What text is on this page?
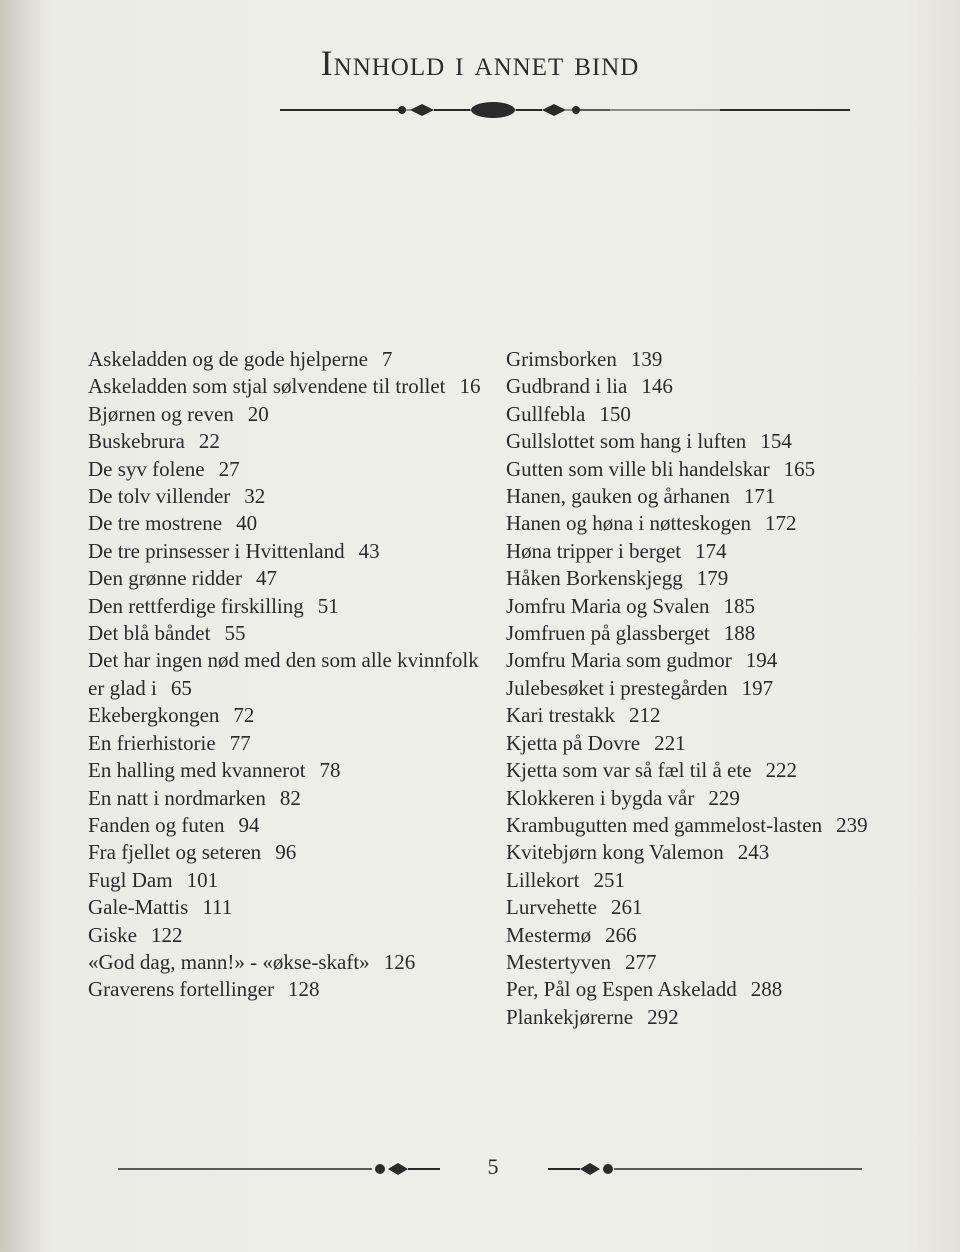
Innhold i annet bind
Askeladden og de gode hjelperne 7
Askeladden som stjal sølvendene til trollet 16
Bjørnen og reven 20
Buskebrura 22
De syv folene 27
De tolv villender 32
De tre mostrene 40
De tre prinsesser i Hvittenland 43
Den grønne ridder 47
Den rettferdige firskilling 51
Det blå båndet 55
Det har ingen nød med den som alle kvinnfolk er glad i 65
Ekebergkongen 72
En frierhistorie 77
En halling med kvannerot 78
En natt i nordmarken 82
Fanden og futen 94
Fra fjellet og seteren 96
Fugl Dam 101
Gale-Mattis 111
Giske 122
«God dag, mann!» - «økse-skaft» 126
Graverens fortellinger 128
Grimsborken 139
Gudbrand i lia 146
Gullfebla 150
Gullslottet som hang i luften 154
Gutten som ville bli handelskar 165
Hanen, gauken og århanen 171
Hanen og høna i nøtteskogen 172
Høna tripper i berget 174
Håken Borkenskjegg 179
Jomfru Maria og Svalen 185
Jomfruen på glassberget 188
Jomfru Maria som gudmor 194
Julebesøket i prestegården 197
Kari trestakk 212
Kjetta på Dovre 221
Kjetta som var så fæl til å ete 222
Klokkeren i bygda vår 229
Krambugutten med gammelost-lasten 239
Kvitebjørn kong Valemon 243
Lillekort 251
Lurvehette 261
Mestermø 266
Mestertyven 277
Per, Pål og Espen Askeladd 288
Plankekjørerne 292
5
